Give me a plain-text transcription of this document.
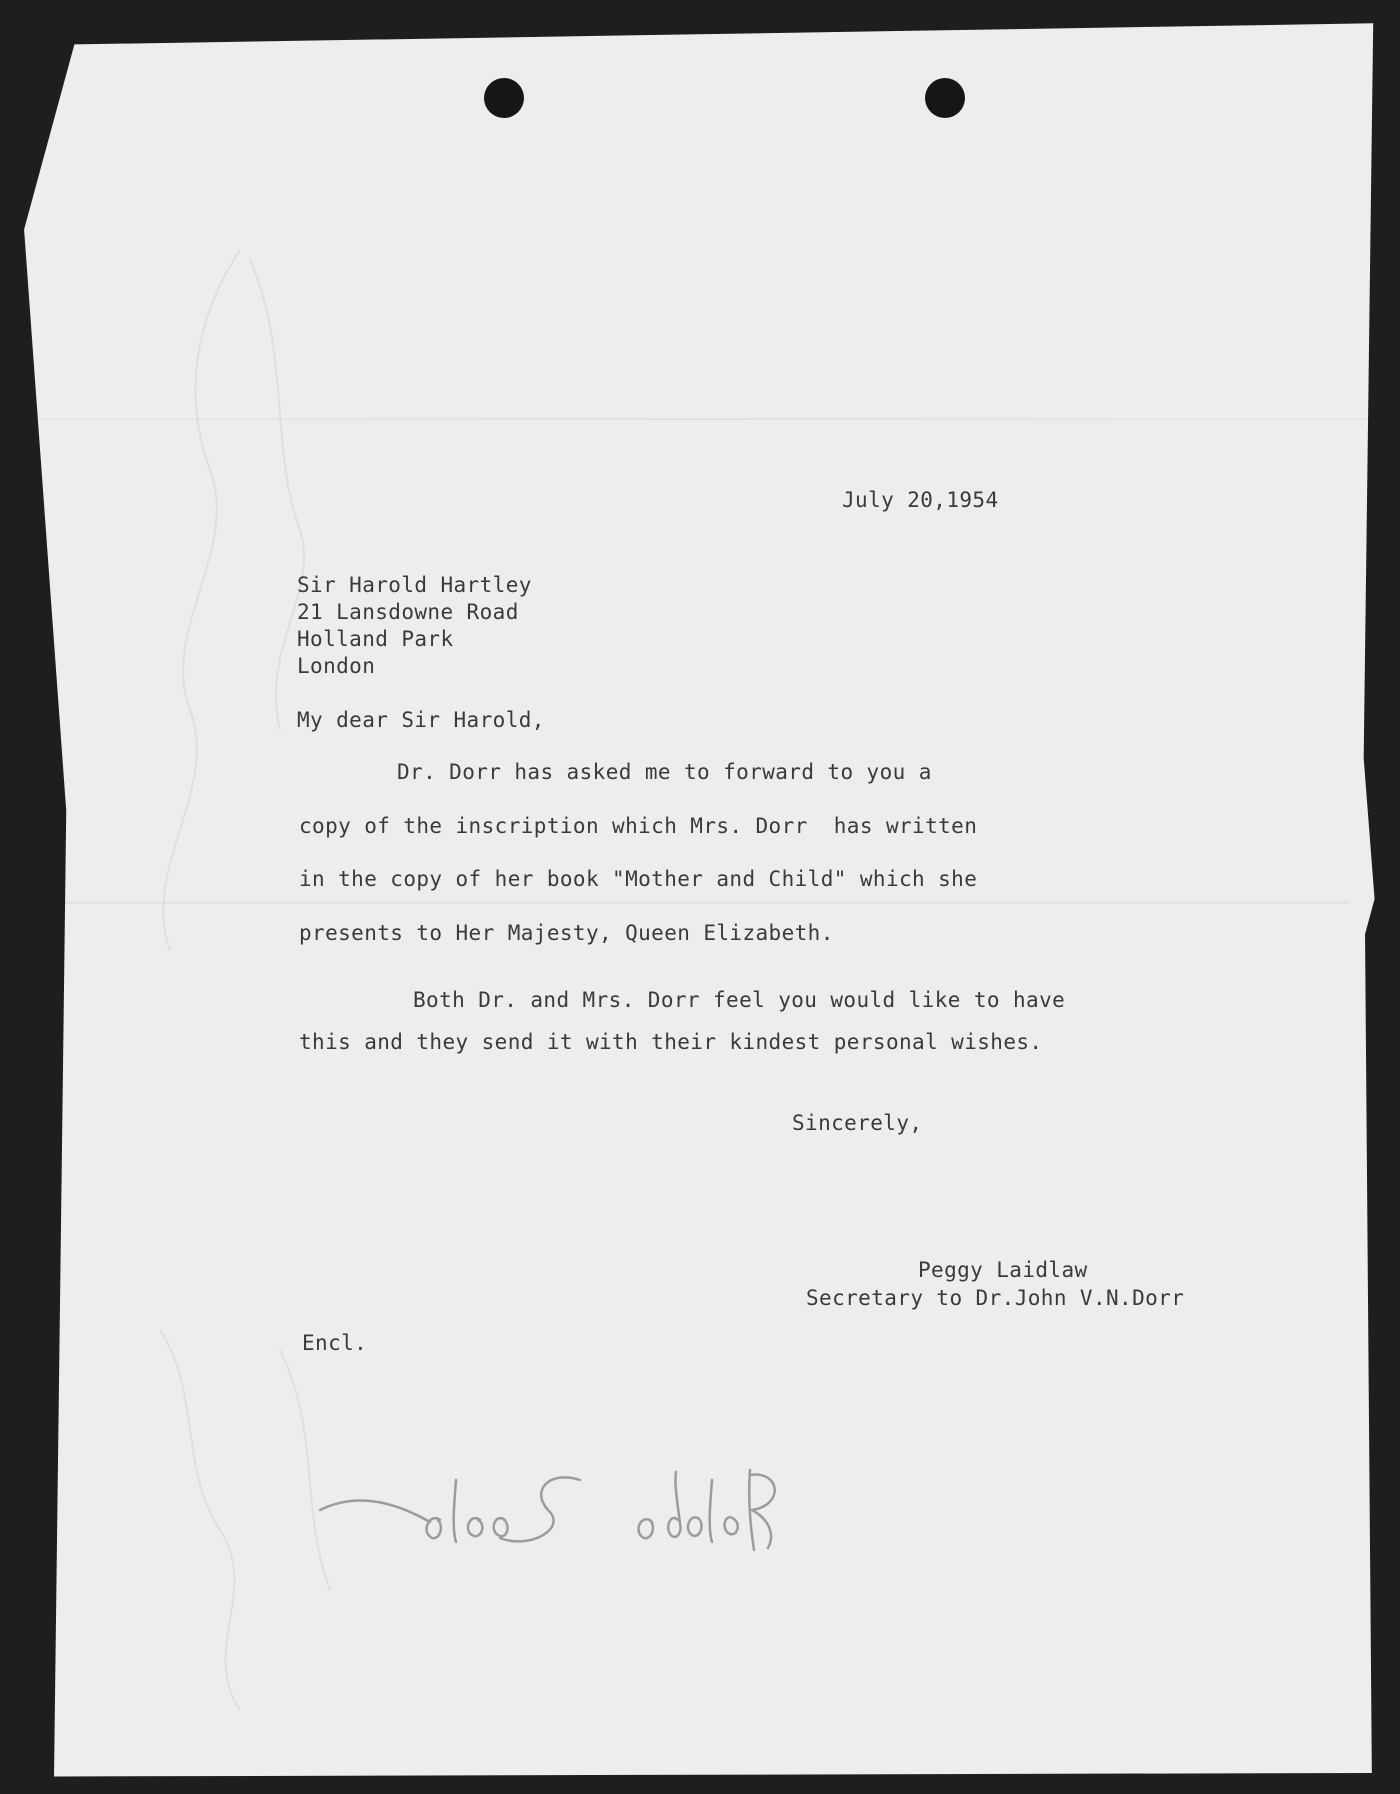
July 20,1954
Sir Harold Hartley
21 Lansdowne Road
Holland Park
London
My dear Sir Harold,
Dr. Dorr has asked me to forward to you a
copy of the inscription which Mrs. Dorr  has written
in the copy of her book "Mother and Child" which she
presents to Her Majesty, Queen Elizabeth.
Both Dr. and Mrs. Dorr feel you would like to have
this and they send it with their kindest personal wishes.
Sincerely,
Peggy Laidlaw
Secretary to Dr.John V.N.Dorr
Encl.
